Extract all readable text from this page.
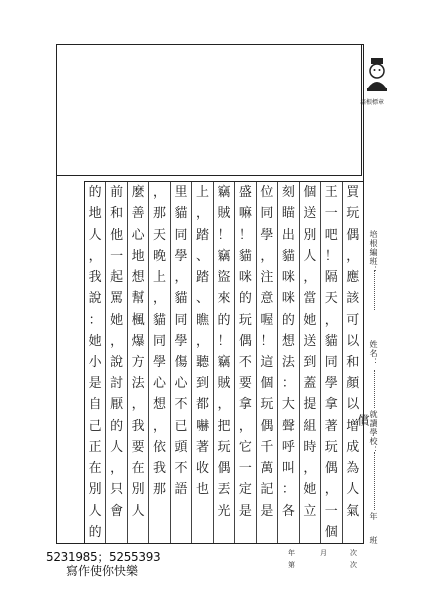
培根標章
買
玩
偶
，
應
該
可
以
和
顏
以
增
成
為
人
氣
王
一
吧
！
隔
天
，
貓
同
學
拿
著
玩
偶
，
一
個
個
送
別
人
，
當
她
送
到
蓋
提
組
時
，
她
立
刻
瞄
出
貓
咪
咪
的
想
法
：
大
聲
呼
叫
：
各
位
同
學
，
注
意
喔
！
這
個
玩
偶
千
萬
記
是
盛
嘛
！
貓
咪
的
玩
偶
不
要
拿
，
它
一
定
是
竊
賊
！
竊
盜
來
的
！
竊
賊
，
把
玩
偶
丟
光
上
，
踏
、
踏
、
瞧
，
聽
到
都
嚇
著
收
也
里
貓
同
學
，
貓
同
學
傷
心
不
已
頭
不
語
，
那
天
晚
上
，
貓
同
學
心
想
，
依
我
那
麼
善
心
地
想
幫
楓
爆
方
法
，
我
要
在
別
人
前
和
他
一
起
罵
她
，
說
討
厭
的
人
，
只
會
的
地
人
，
我
說
：
她
小
是
自
己
正
在
別
人
的
培根編班：
姓名：
就讀學校：
年
班
償
年	月	次
第	次
5231985；5255393
寫作使你快樂
